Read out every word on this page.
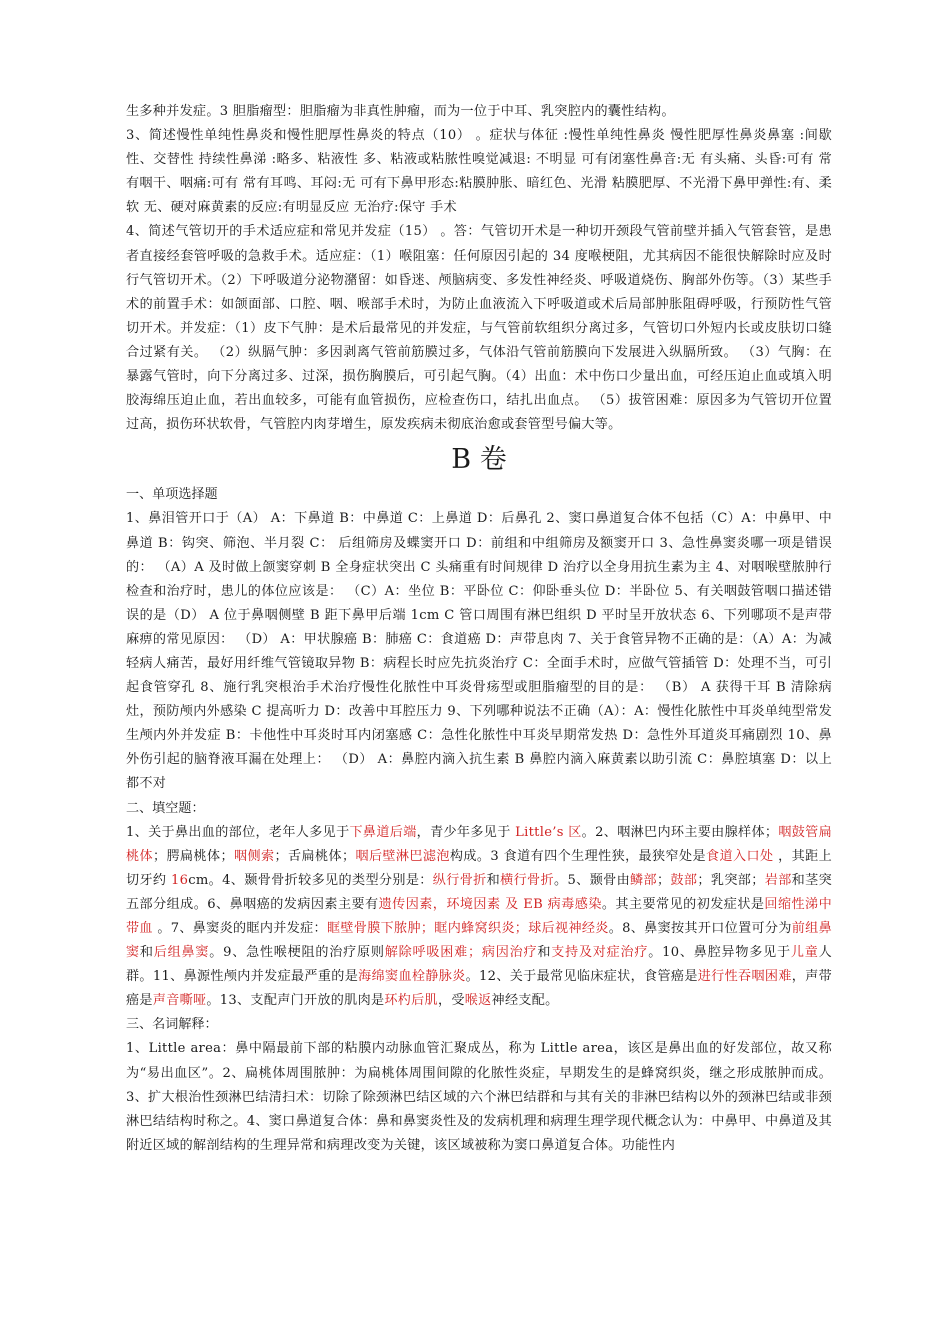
生多种并发症。3 胆脂瘤型：胆脂瘤为非真性肿瘤，而为一位于中耳、乳突腔内的囊性结构。

3、简述慢性单纯性鼻炎和慢性肥厚性鼻炎的特点（10） 。症状与体征 :慢性单纯性鼻炎 慢性肥厚性鼻炎鼻塞 :间歇性、交替性 持续性鼻涕 :略多、粘液性 多、粘液或粘脓性嗅觉减退: 不明显 可有闭塞性鼻音:无 有头痛、头昏:可有 常有咽干、咽痛:可有 常有耳鸣、耳闷:无 可有下鼻甲形态:粘膜肿胀、暗红色、光滑 粘膜肥厚、不光滑下鼻甲弹性:有、柔软 无、硬对麻黄素的反应:有明显反应 无治疗:保守 手术

4、简述气管切开的手术适应症和常见并发症（15） 。答：气管切开术是一种切开颈段气管前壁并插入气管套管，是患者直接经套管呼吸的急救手术。适应症：（1）喉阻塞：任何原因引起的 34 度喉梗阻，尤其病因不能很快解除时应及时行气管切开术。（2）下呼吸道分泌物潴留：如昏迷、颅脑病变、多发性神经炎、呼吸道烧伤、胸部外伤等。（3）某些手术的前置手术：如颌面部、口腔、咽、喉部手术时，为防止血液流入下呼吸道或术后局部肿胀阻碍呼吸，行预防性气管切开术。并发症：（1）皮下气肿：是术后最常见的并发症，与气管前软组织分离过多，气管切口外短内长或皮肤切口缝合过紧有关。 （2）纵膈气肿：多因剥离气管前筋膜过多，气体沿气管前筋膜向下发展进入纵膈所致。 （3）气胸：在暴露气管时，向下分离过多、过深，损伤胸膜后，可引起气胸。（4）出血：术中伤口少量出血，可经压迫止血或填入明胶海绵压迫止血，若出血较多，可能有血管损伤，应检查伤口，结扎出血点。 （5）拔管困难：原因多为气管切开位置过高，损伤环状软骨，气管腔内肉芽增生，原发疾病未彻底治愈或套管型号偏大等。

B 卷

一、单项选择题

1、鼻泪管开口于（A） A：下鼻道 B：中鼻道 C：上鼻道 D：后鼻孔 2、窦口鼻道复合体不包括（C）A：中鼻甲、中鼻道 B：钩突、筛泡、半月裂 C： 后组筛房及蝶窦开口 D：前组和中组筛房及额窦开口 3、急性鼻窦炎哪一项是错误的： （A）A 及时做上颌窦穿刺 B 全身症状突出 C 头痛重有时间规律 D 治疗以全身用抗生素为主 4、对咽喉壁脓肿行检查和治疗时，患儿的体位应该是： （C）A：坐位 B：平卧位 C：仰卧垂头位 D：半卧位 5、有关咽鼓管咽口描述错误的是（D） A 位于鼻咽侧壁 B 距下鼻甲后端 1cm C 管口周围有淋巴组织 D 平时呈开放状态 6、下列哪项不是声带麻痹的常见原因： （D） A：甲状腺癌 B：肺癌 C：食道癌 D：声带息肉 7、关于食管异物不正确的是：（A）A：为减轻病人痛苦，最好用纤维气管镜取异物 B：病程长时应先抗炎治疗 C：全面手术时，应做气管插管 D：处理不当，可引起食管穿孔 8、施行乳突根治手术治疗慢性化脓性中耳炎骨疡型或胆脂瘤型的目的是： （B） A 获得干耳 B 清除病灶，预防颅内外感染 C 提高听力 D：改善中耳腔压力 9、下列哪种说法不正确（A）：A：慢性化脓性中耳炎单纯型常发生颅内外并发症 B：卡他性中耳炎时耳内闭塞感 C：急性化脓性中耳炎早期常发热 D：急性外耳道炎耳痛剧烈 10、鼻外伤引起的脑脊液耳漏在处理上： （D） A：鼻腔内滴入抗生素 B 鼻腔内滴入麻黄素以助引流 C：鼻腔填塞 D：以上都不对

二、填空题：

1、关于鼻出血的部位，老年人多见于下鼻道后端，青少年多见于 Little’s 区。2、咽淋巴内环主要由腺样体；咽鼓管扁桃体；腭扁桃体；咽侧索；舌扁桃体；咽后壁淋巴滤泡构成。3 食道有四个生理性狭，最狭窄处是食道入口处 ，其距上切牙约 16cm。4、颞骨骨折较多见的类型分别是：纵行骨折和横行骨折。5、颞骨由鳞部；鼓部；乳突部；岩部和茎突五部分组成。6、鼻咽癌的发病因素主要有遗传因素，环境因素 及 EB 病毒感染。其主要常见的初发症状是回缩性涕中带血 。7、鼻窦炎的眶内并发症：眶壁骨膜下脓肿；眶内蜂窝织炎；球后视神经炎。8、鼻窦按其开口位置可分为前组鼻窦和后组鼻窦。9、急性喉梗阻的治疗原则解除呼吸困难；病因治疗和支持及对症治疗。10、鼻腔异物多见于儿童人群。11、鼻源性颅内并发症最严重的是海绵窦血栓静脉炎。12、关于最常见临床症状，食管癌是进行性吞咽困难，声带癌是声音嘶哑。13、支配声门开放的肌肉是环杓后肌，受喉返神经支配。

三、名词解释：

1、Little area：鼻中隔最前下部的粘膜内动脉血管汇聚成丛，称为 Little area，该区是鼻出血的好发部位，故又称为“易出血区”。2、扁桃体周围脓肿：为扁桃体周围间隙的化脓性炎症，早期发生的是蜂窝织炎，继之形成脓肿而成。3、扩大根治性颈淋巴结清扫术：切除了除颈淋巴结区域的六个淋巴结群和与其有关的非淋巴结构以外的颈淋巴结或非颈淋巴结结构时称之。4、窦口鼻道复合体：鼻和鼻窦炎性及的发病机理和病理生理学现代概念认为：中鼻甲、中鼻道及其附近区域的解剖结构的生理异常和病理改变为关键，该区域被称为窦口鼻道复合体。功能性内
